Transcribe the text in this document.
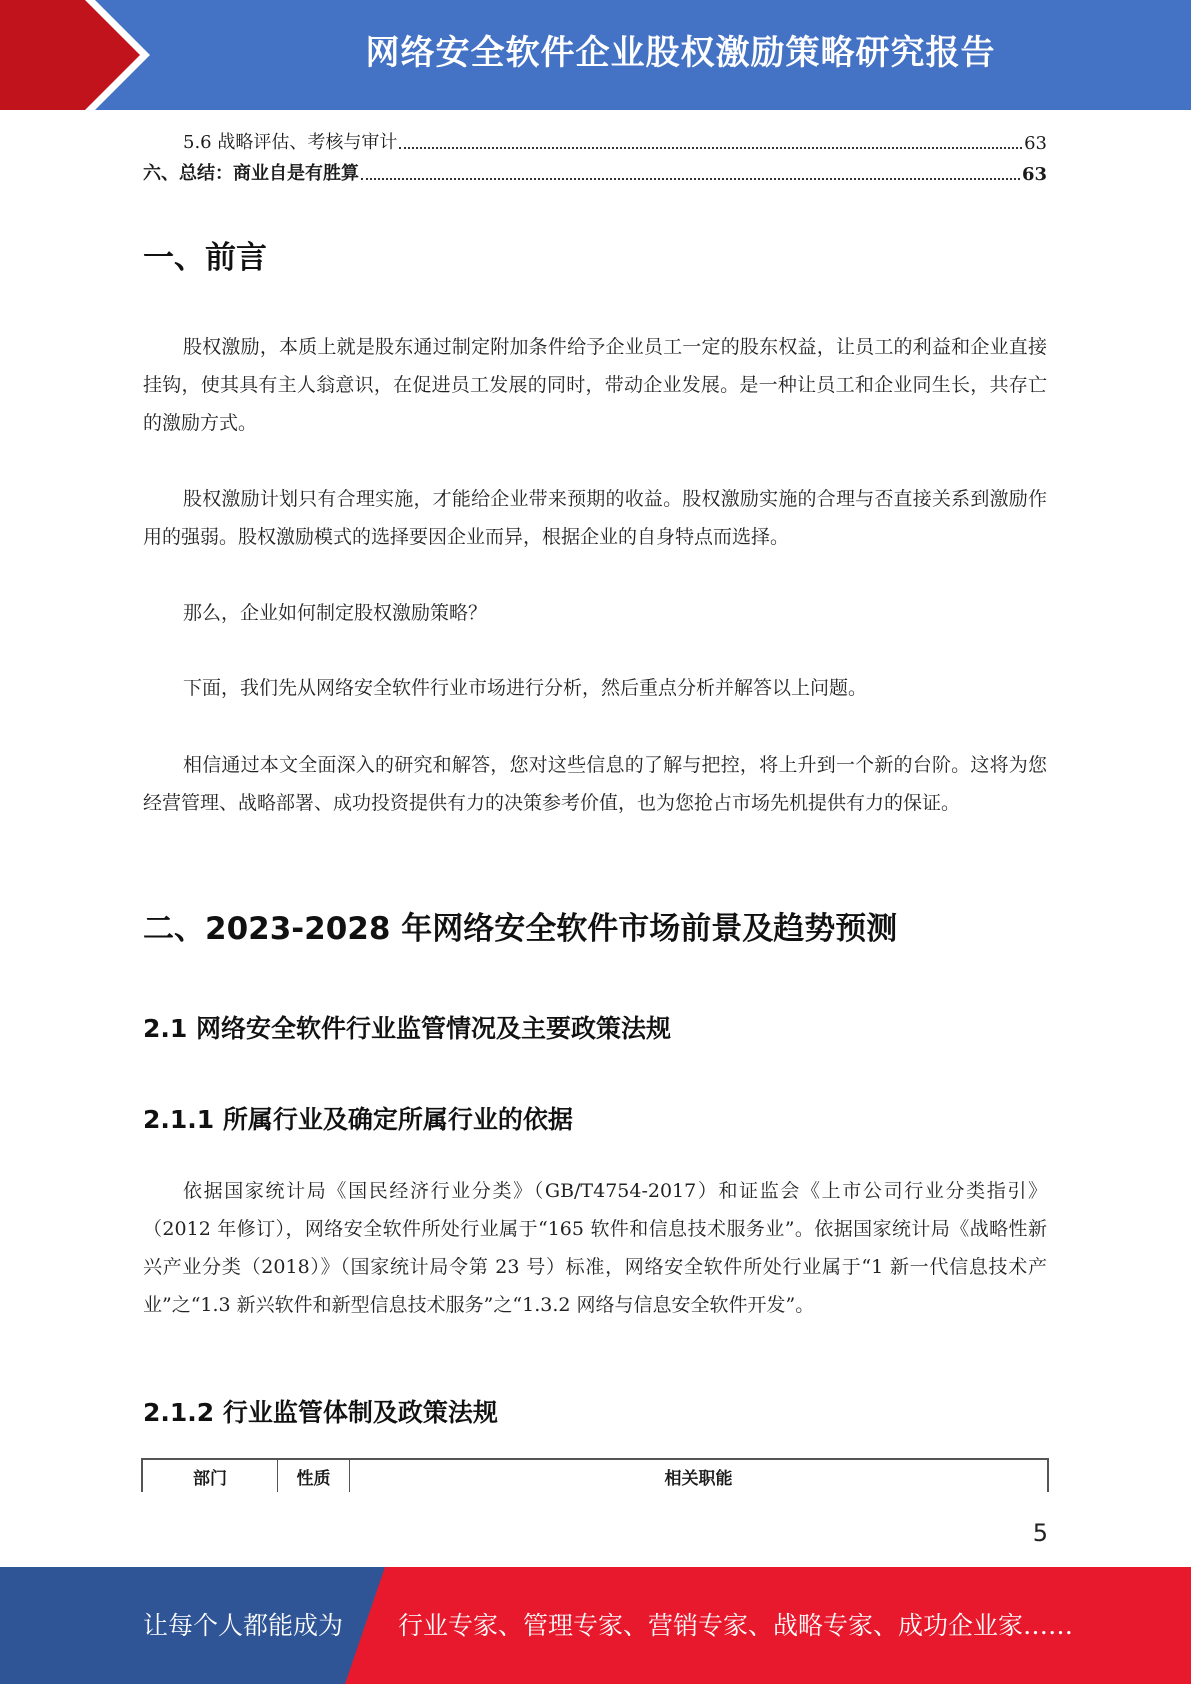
网络安全软件企业股权激励策略研究报告
5.6 战略评估、考核与审计	63
六、总结：商业自是有胜算	63
一、前言

股权激励，本质上就是股东通过制定附加条件给予企业员工一定的股东权益，让员工的利益和企业直接挂钩，使其具有主人翁意识，在促进员工发展的同时，带动企业发展。是一种让员工和企业同生长，共存亡的激励方式。

股权激励计划只有合理实施，才能给企业带来预期的收益。股权激励实施的合理与否直接关系到激励作用的强弱。股权激励模式的选择要因企业而异，根据企业的自身特点而选择。

那么，企业如何制定股权激励策略？

下面，我们先从网络安全软件行业市场进行分析，然后重点分析并解答以上问题。

相信通过本文全面深入的研究和解答，您对这些信息的了解与把控，将上升到一个新的台阶。这将为您经营管理、战略部署、成功投资提供有力的决策参考价值，也为您抢占市场先机提供有力的保证。

二、2023-2028 年网络安全软件市场前景及趋势预测
2.1 网络安全软件行业监管情况及主要政策法规
2.1.1 所属行业及确定所属行业的依据

依据国家统计局《国民经济行业分类》（GB/T4754-2017）和证监会《上市公司行业分类指引》（2012 年修订），网络安全软件所处行业属于“165 软件和信息技术服务业”。依据国家统计局《战略性新兴产业分类（2018）》（国家统计局令第 23 号）标准，网络安全软件所处行业属于“1 新一代信息技术产业”之“1.3 新兴软件和新型信息技术服务”之“1.3.2 网络与信息安全软件开发”。

2.1.2 行业监管体制及政策法规
部门	性质	相关职能
5
让每个人都能成为 行业专家、管理专家、营销专家、战略专家、成功企业家……
